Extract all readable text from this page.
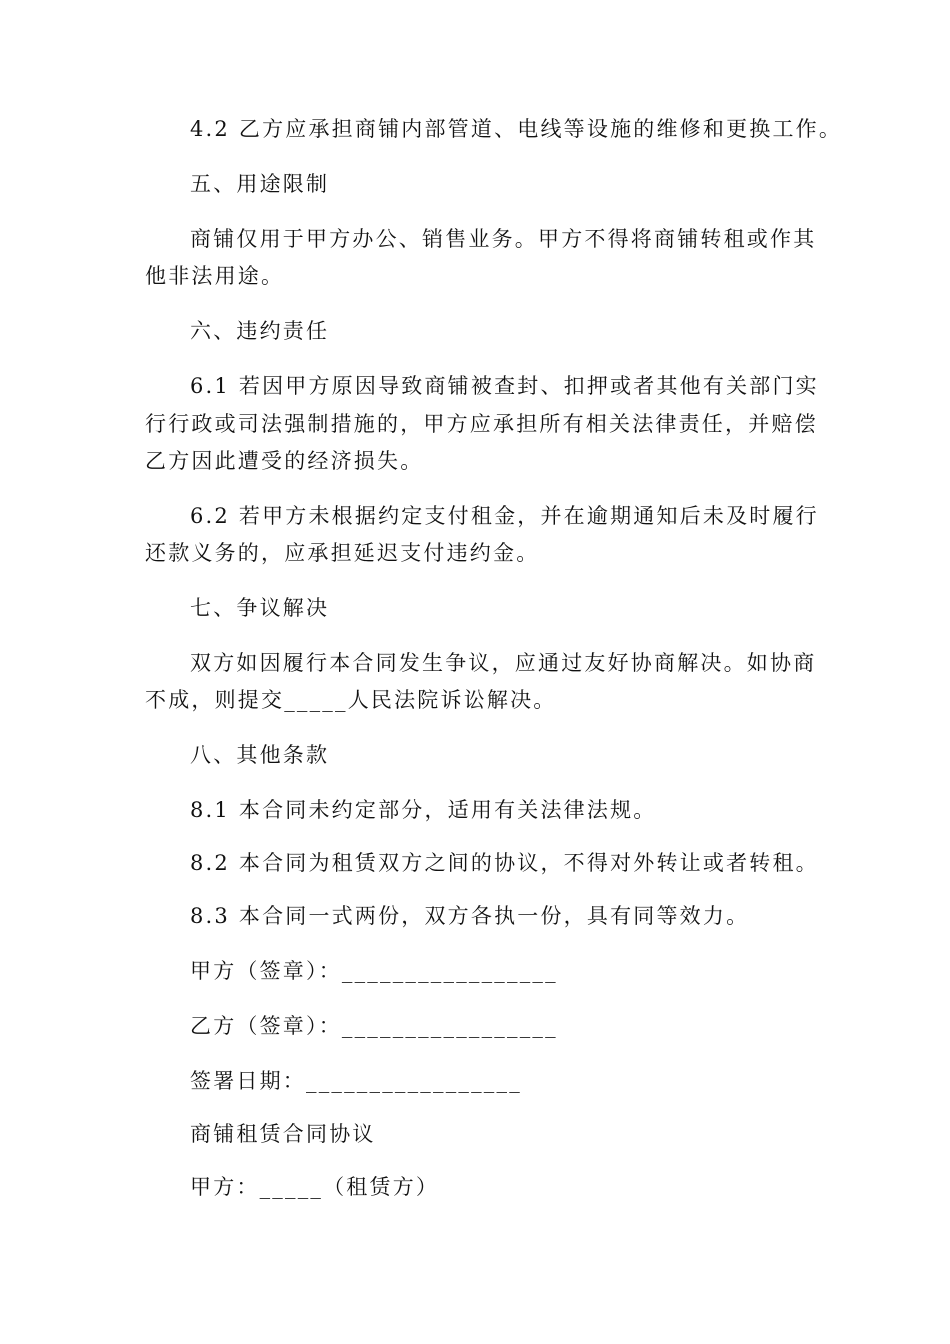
4.2 乙方应承担商铺内部管道、电线等设施的维修和更换工作。
五、用途限制
商铺仅用于甲方办公、销售业务。甲方不得将商铺转租或作其
他非法用途。
六、违约责任
6.1 若因甲方原因导致商铺被查封、扣押或者其他有关部门实
行行政或司法强制措施的，甲方应承担所有相关法律责任，并赔偿
乙方因此遭受的经济损失。
6.2 若甲方未根据约定支付租金，并在逾期通知后未及时履行
还款义务的，应承担延迟支付违约金。
七、争议解决
双方如因履行本合同发生争议，应通过友好协商解决。如协商
不成，则提交_____人民法院诉讼解决。
八、其他条款
8.1 本合同未约定部分，适用有关法律法规。
8.2 本合同为租赁双方之间的协议，不得对外转让或者转租。
8.3 本合同一式两份，双方各执一份，具有同等效力。
甲方（签章）：_________________
乙方（签章）：_________________
签署日期：_________________
商铺租赁合同协议
甲方：_____（租赁方）
